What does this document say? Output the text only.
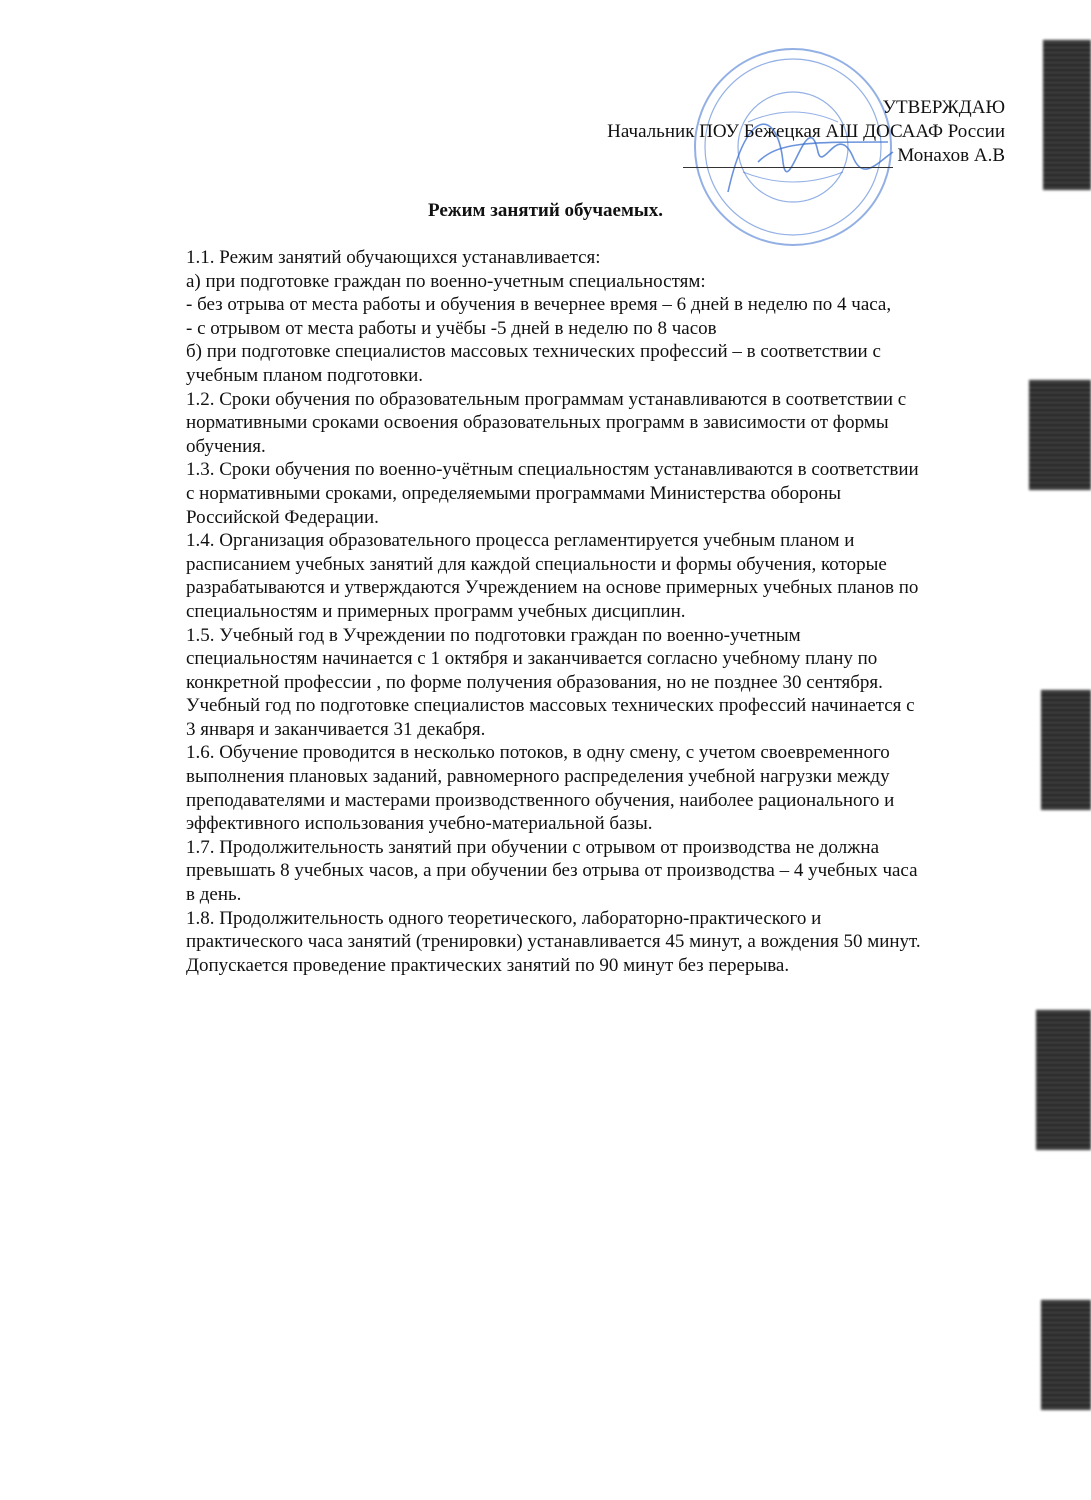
УТВЕРЖДАЮ
Начальник ПОУ Бежецкая АШ ДОСААФ России
Монахов А.В
Режим занятий обучаемых.

1.1. Режим занятий обучающихся устанавливается:

а) при подготовке граждан по военно-учетным специальностям:

- без отрыва от места работы и обучения в вечернее время – 6 дней в неделю по 4 часа,

- с отрывом от места работы и учёбы -5 дней в неделю по 8 часов

б) при подготовке специалистов массовых технических профессий – в соответствии с

учебным планом подготовки.

1.2. Сроки обучения по образовательным программам устанавливаются в соответствии с

нормативными сроками освоения образовательных программ в зависимости от формы

обучения.

1.3. Сроки обучения по военно-учётным специальностям устанавливаются в соответствии

с нормативными сроками, определяемыми программами Министерства обороны

Российской Федерации.

1.4. Организация образовательного процесса регламентируется учебным планом и

расписанием учебных занятий для каждой специальности и формы обучения, которые

разрабатываются и утверждаются Учреждением на основе примерных учебных планов по

специальностям и примерных программ учебных дисциплин.

1.5. Учебный год в Учреждении по подготовки граждан по военно-учетным

специальностям начинается с 1 октября и заканчивается согласно учебному плану по

конкретной профессии , по форме получения образования, но не позднее 30 сентября.

Учебный год по подготовке специалистов массовых технических профессий начинается с

3 января и заканчивается 31 декабря.

1.6. Обучение проводится в несколько потоков, в одну смену, с учетом своевременного

выполнения плановых заданий, равномерного распределения учебной нагрузки между

преподавателями и мастерами производственного обучения, наиболее рационального и

эффективного использования учебно-материальной базы.

1.7. Продолжительность занятий при обучении с отрывом от производства не должна

превышать 8 учебных часов, а при обучении без отрыва от производства – 4 учебных часа

в день.

1.8. Продолжительность одного теоретического, лабораторно-практического и

практического часа занятий (тренировки) устанавливается 45 минут, а вождения 50 минут.

Допускается проведение практических занятий по 90 минут без перерыва.
